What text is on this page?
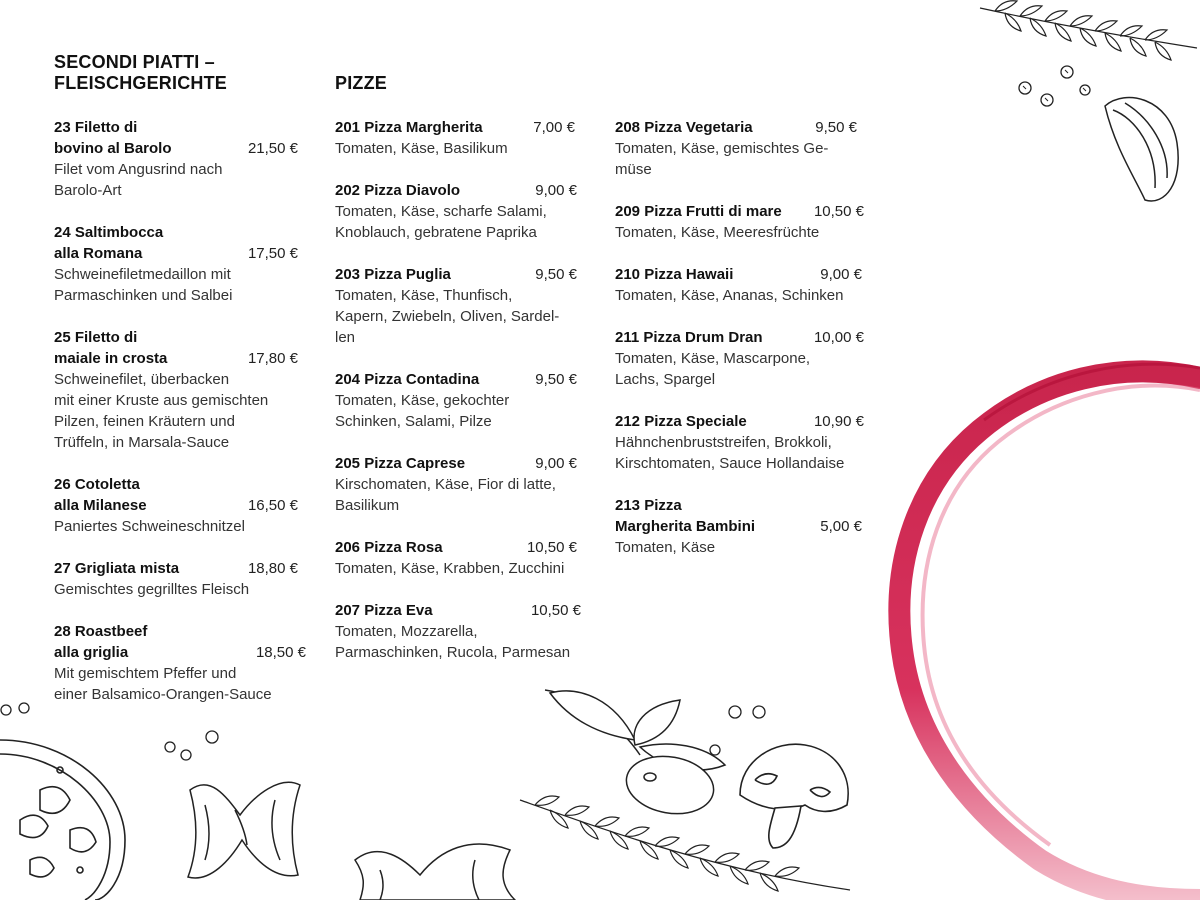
SECONDI PIATTI –
FLEISCHGERICHTE
23 Filetto di
bovino al Barolo	21,50 €
Filet vom Angusrind nach
Barolo-Art
24 Saltimbocca
alla Romana	17,50 €
Schweinefiletmedaillon mit
Parmaschinken und Salbei
25 Filetto di
maiale in crosta	17,80 €
Schweinefilet, überbacken
mit einer Kruste aus gemischten
Pilzen, feinen Kräutern und
Trüffeln, in Marsala-Sauce
26 Cotoletta
alla Milanese	16,50 €
Paniertes Schweineschnitzel
27 Grigliata mista	18,80 €
Gemischtes gegrilltes Fleisch
28 Roastbeef
alla griglia	18,50 €
Mit gemischtem Pfeffer und
einer Balsamico-Orangen-Sauce
PIZZE
201 Pizza Margherita	7,00 €
Tomaten, Käse, Basilikum
202 Pizza Diavolo	9,00 €
Tomaten, Käse, scharfe Salami,
Knoblauch, gebratene Paprika
203 Pizza Puglia	9,50 €
Tomaten, Käse, Thunfisch,
Kapern, Zwiebeln, Oliven, Sardel-
len
204 Pizza Contadina	9,50 €
Tomaten, Käse, gekochter
Schinken, Salami, Pilze
205 Pizza Caprese	9,00 €
Kirschomaten, Käse, Fior di latte,
Basilikum
206 Pizza Rosa	10,50 €
Tomaten, Käse, Krabben, Zucchini
207 Pizza Eva	10,50 €
Tomaten, Mozzarella,
Parmaschinken, Rucola, Parmesan
208 Pizza Vegetaria	9,50 €
Tomaten, Käse, gemischtes Ge-
müse
209 Pizza Frutti di mare	10,50 €
Tomaten, Käse, Meeresfrüchte
210 Pizza Hawaii	9,00 €
Tomaten, Käse, Ananas, Schinken
211 Pizza Drum Dran	10,00 €
Tomaten, Käse, Mascarpone,
Lachs, Spargel
212 Pizza Speciale	10,90 €
Hähnchenbruststreifen, Brokkoli,
Kirschtomaten, Sauce Hollandaise
213 Pizza
Margherita Bambini	5,00 €
Tomaten, Käse
